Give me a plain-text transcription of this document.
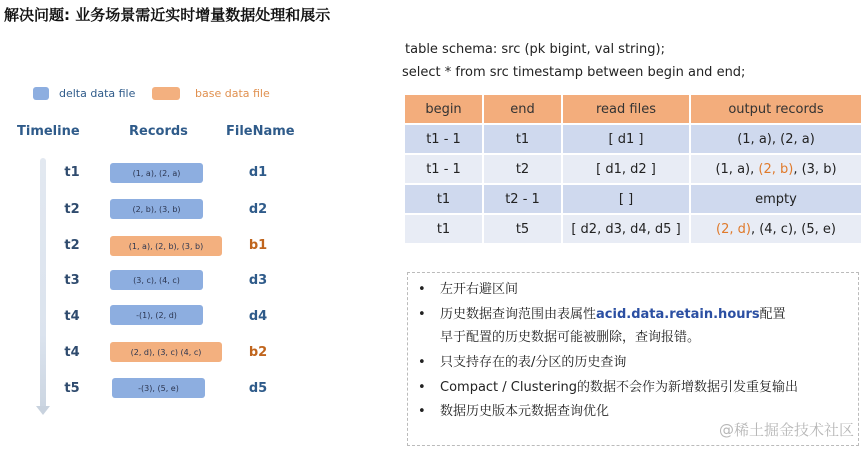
解决问题: 业务场景需近实时增量数据处理和展示
delta data file	base data file
Timeline	Records	FileName
t1	(1, a), (2, a)	d1
t2	(2, b), (3, b)	d2
t2	(1, a), (2, b), (3, b)	b1
t3	(3, c), (4, c)	d3
t4	-(1), (2, d)	d4
t4	(2, d), (3, c) (4, c)	b2
t5	-(3), (5, e)	d5
table schema: src (pk bigint, val string);
select * from src timestamp between begin and end;
begin	end	read files	output records
t1 - 1	t1	[ d1 ]	(1, a), (2, a)
t1 - 1	t2	[ d1, d2 ]	(1, a), (2, b), (3, b)
t1	t2 - 1	[ ]	empty
t1	t5	[ d2, d3, d4, d5 ]	(2, d), (4, c), (5, e)
• 左开右避区间
• 历史数据查询范围由表属性acid.data.retain.hours配置
早于配置的历史数据可能被删除，查询报错。
• 只支持存在的表/分区的历史查询
• Compact / Clustering的数据不会作为新增数据引发重复输出
• 数据历史版本元数据查询优化
@稀土掘金技术社区
